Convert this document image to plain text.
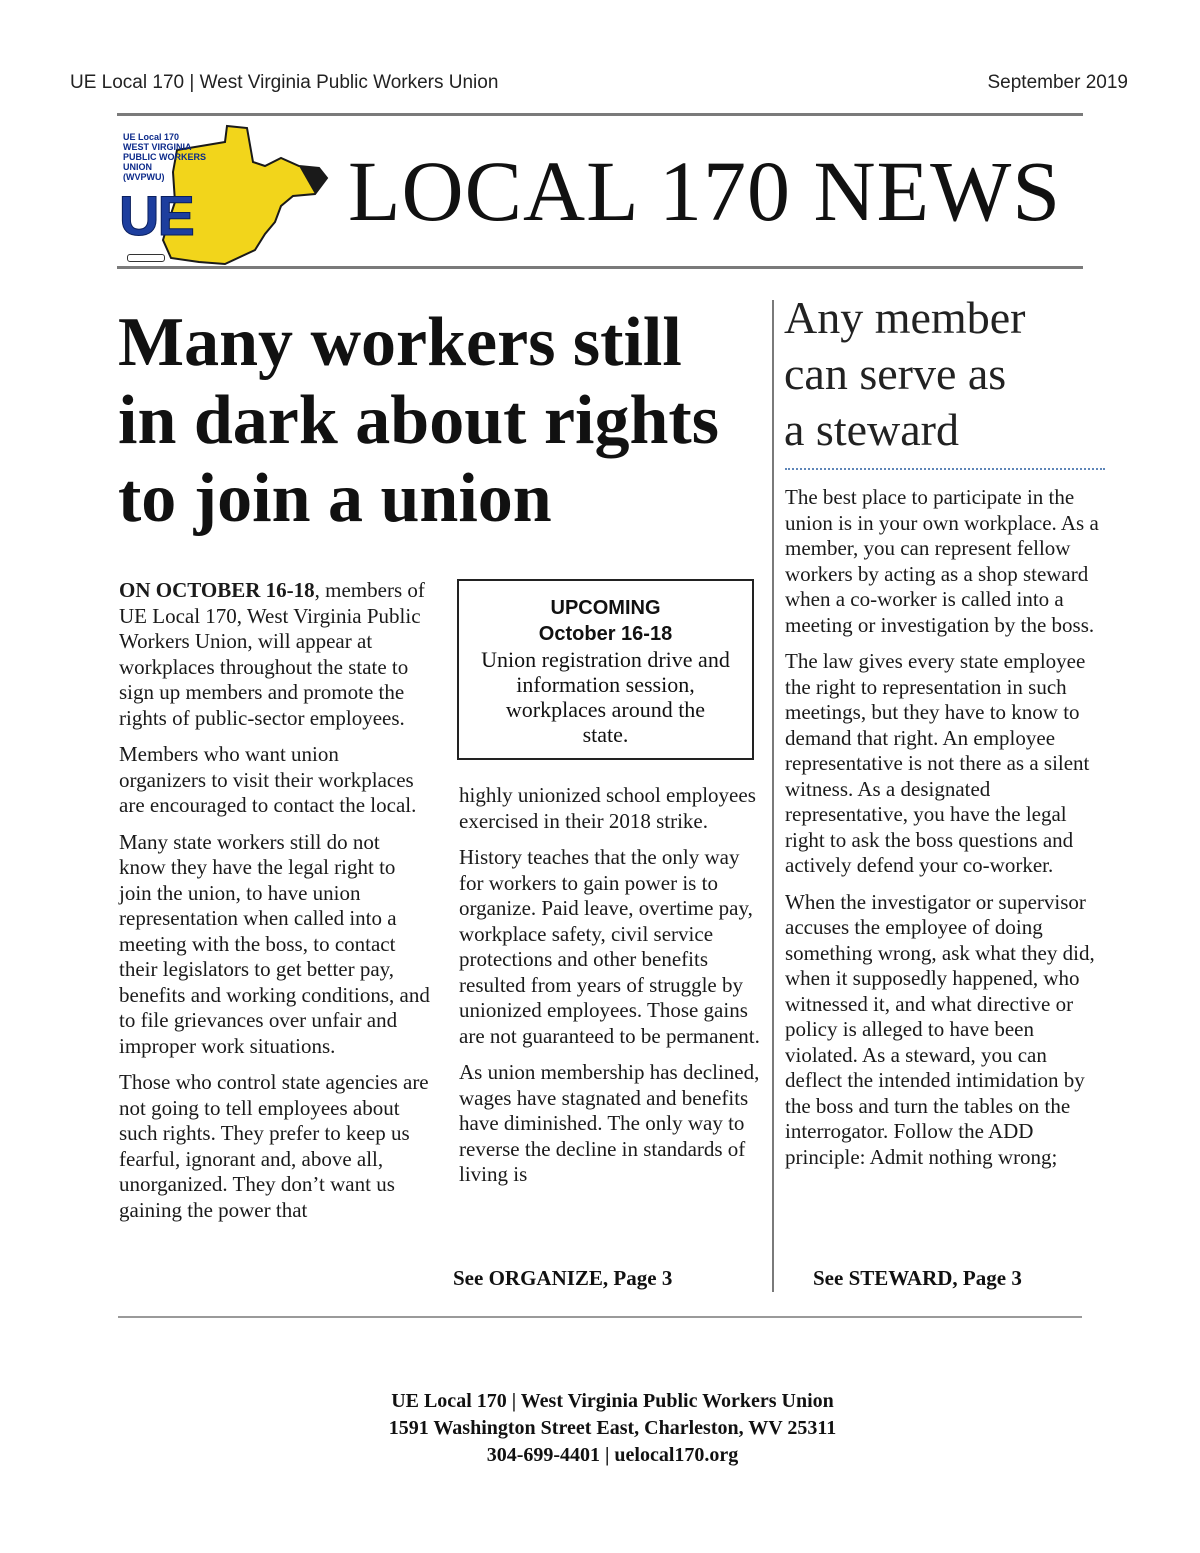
UE Local 170 | West Virginia Public Workers Union	September 2019
UE Local 170
WEST VIRGINIA
PUBLIC WORKERS
UNION
(WVPWU)
UE LOCAL 170 NEWS
Many workers still
in dark about rights
to join a union

ON OCTOBER 16-18, members of UE Local 170, West Virginia Public Workers Union, will appear at workplaces throughout the state to sign up members and promote the rights of public-sector employees.

Members who want union organizers to visit their workplaces are encouraged to contact the local.

Many state workers still do not know they have the legal right to join the union, to have union representation when called into a meeting with the boss, to contact their legislators to get better pay, benefits and working conditions, and to file grievances over unfair and improper work situations.

Those who control state agencies are not going to tell employees about such rights. They prefer to keep us fearful, ignorant and, above all, unorganized. They don’t want us gaining the power that

UPCOMING
October 16-18
Union registration drive and information session, workplaces around the state.

highly unionized school employees exercised in their 2018 strike.

History teaches that the only way for workers to gain power is to organize. Paid leave, overtime pay, workplace safety, civil service protections and other benefits resulted from years of struggle by unionized employees. Those gains are not guaranteed to be permanent.

As union membership has declined, wages have stagnated and benefits have diminished. The only way to reverse the decline in standards of living is

See ORGANIZE, Page 3
Any member
can serve as
a steward

The best place to participate in the union is in your own workplace. As a member, you can represent fellow workers by acting as a shop steward when a co-worker is called into a meeting or investigation by the boss.

The law gives every state employee the right to representation in such meetings, but they have to know to demand that right. An employee representative is not there as a silent witness. As a designated representative, you have the legal right to ask the boss questions and actively defend your co-worker.

When the investigator or supervisor accuses the employee of doing something wrong, ask what they did, when it supposedly happened, who witnessed it, and what directive or policy is alleged to have been violated. As a steward, you can deflect the intended intimidation by the boss and turn the tables on the interrogator. Follow the ADD principle: Admit nothing wrong;

See STEWARD, Page 3
UE Local 170 | West Virginia Public Workers Union
1591 Washington Street East, Charleston, WV 25311
304-699-4401 | uelocal170.org
